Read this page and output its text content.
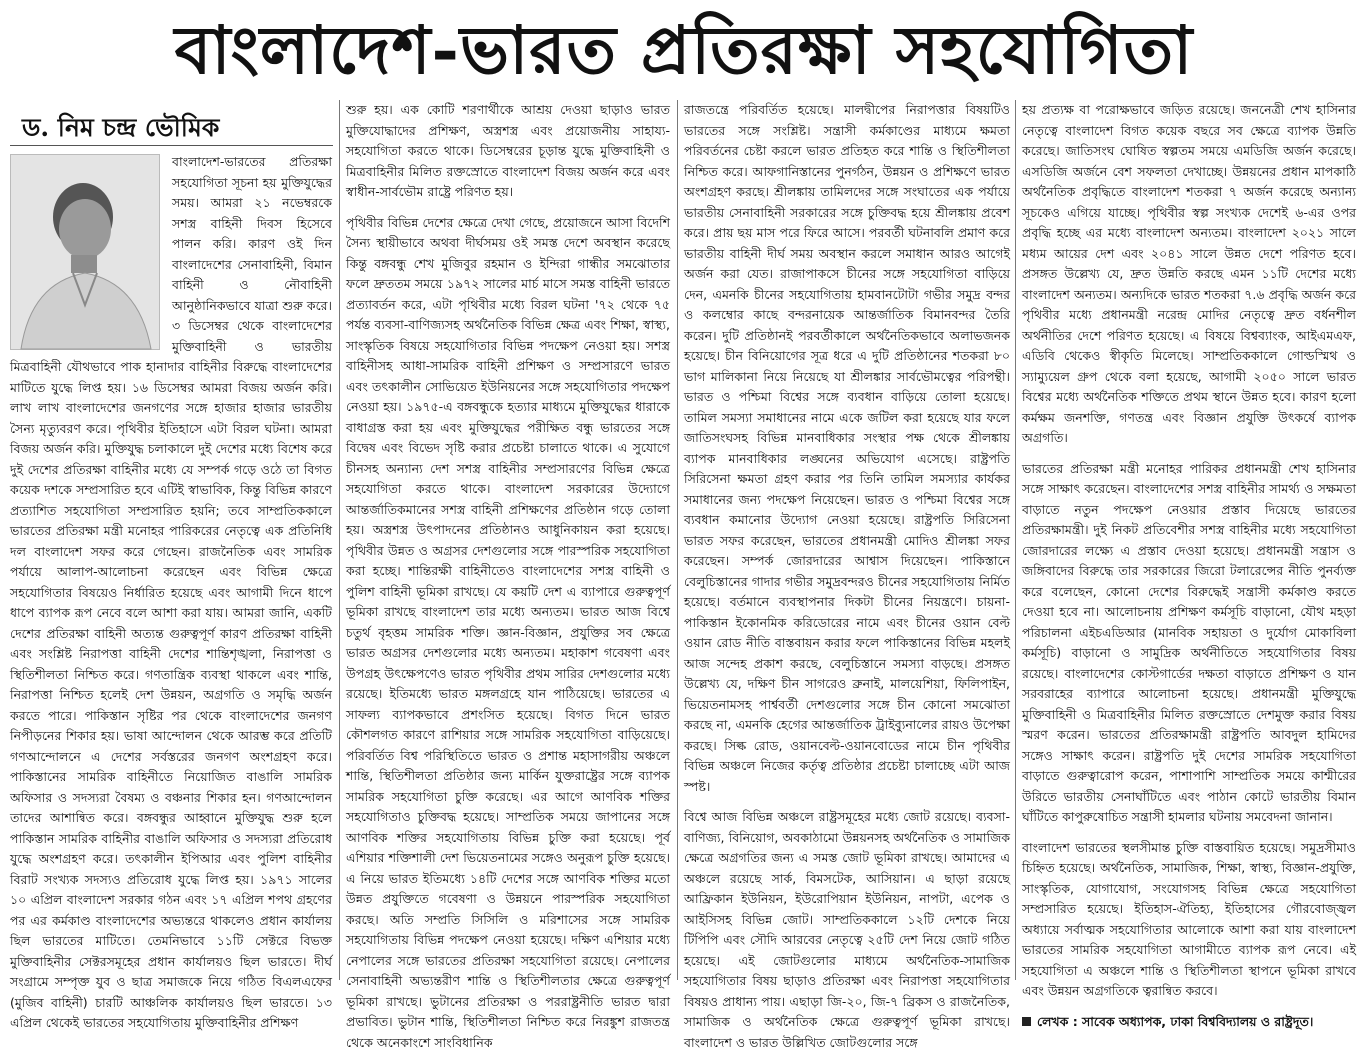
বাংলাদেশ-ভারত প্রতিরক্ষা সহযোগিতা
ড. নিম চন্দ্র ভৌমিক

বাংলাদেশ-ভারতের প্রতিরক্ষা সহযোগিতা সূচনা হয় মুক্তিযুদ্ধের সময়। আমরা ২১ নভেম্বরকে সশস্ত্র বাহিনী দিবস হিসেবে পালন করি। কারণ ওই দিন বাংলাদেশের সেনাবাহিনী, বিমান বাহিনী ও নৌবাহিনী আনুষ্ঠানিকভাবে যাত্রা শুরু করে। ৩ ডিসেম্বর থেকে বাংলাদেশের মুক্তিবাহিনী ও ভারতীয় মিত্রবাহিনী যৌথভাবে পাক হানাদার বাহিনীর বিরুদ্ধে বাংলাদেশের মাটিতে যুদ্ধে লিপ্ত হয়। ১৬ ডিসেম্বর আমরা বিজয় অর্জন করি। লাখ লাখ বাংলাদেশের জনগণের সঙ্গে হাজার হাজার ভারতীয় সৈন্য মৃত্যুবরণ করে। পৃথিবীর ইতিহাসে এটা বিরল ঘটনা। আমরা বিজয় অর্জন করি। মুক্তিযুদ্ধ চলাকালে দুই দেশের মধ্যে বিশেষ করে দুই দেশের প্রতিরক্ষা বাহিনীর মধ্যে যে সম্পর্ক গড়ে ওঠে তা বিগত কয়েক দশকে সম্প্রসারিত হবে এটিই স্বাভাবিক, কিন্তু বিভিন্ন কারণে প্রত্যাশিত সহযোগিতা সম্প্রসারিত হয়নি; তবে সাম্প্রতিককালে ভারতের প্রতিরক্ষা মন্ত্রী মনোহর পারিকরের নেতৃত্বে এক প্রতিনিধি দল বাংলাদেশ সফর করে গেছেন। রাজনৈতিক এবং সামরিক পর্যায়ে আলাপ-আলোচনা করেছেন এবং বিভিন্ন ক্ষেত্রে সহযোগিতার বিষয়েও নির্ধারিত হয়েছে এবং আগামী দিনে ধাপে ধাপে ব্যাপক রূপ নেবে বলে আশা করা যায়। আমরা জানি, একটি দেশের প্রতিরক্ষা বাহিনী অত্যন্ত গুরুত্বপূর্ণ কারণ প্রতিরক্ষা বাহিনী এবং সংশ্লিষ্ট নিরাপত্তা বাহিনী দেশের শান্তিশৃঙ্খলা, নিরাপত্তা ও স্থিতিশীলতা নিশ্চিত করে। গণতান্ত্রিক ব্যবস্থা থাকলে এবং শান্তি, নিরাপত্তা নিশ্চিত হলেই দেশ উন্নয়ন, অগ্রগতি ও সমৃদ্ধি অর্জন করতে পারে। পাকিস্তান সৃষ্টির পর থেকে বাংলাদেশের জনগণ নিপীড়নের শিকার হয়। ভাষা আন্দোলন থেকে আরম্ভ করে প্রতিটি গণআন্দোলনে এ দেশের সর্বস্তরের জনগণ অংশগ্রহণ করে। পাকিস্তানের সামরিক বাহিনীতে নিয়োজিত বাঙালি সামরিক অফিসার ও সদস্যরা বৈষম্য ও বঞ্চনার শিকার হন। গণআন্দোলন তাদের আশান্বিত করে। বঙ্গবন্ধুর আহ্বানে মুক্তিযুদ্ধ শুরু হলে পাকিস্তান সামরিক বাহিনীর বাঙালি অফিসার ও সদস্যরা প্রতিরোধ যুদ্ধে অংশগ্রহণ করে। তৎকালীন ইপিআর এবং পুলিশ বাহিনীর বিরাট সংখ্যক সদস্যও প্রতিরোধ যুদ্ধে লিপ্ত হয়। ১৯৭১ সালের ১০ এপ্রিল বাংলাদেশ সরকার গঠন এবং ১৭ এপ্রিল শপথ গ্রহণের পর এর কর্মকাণ্ড বাংলাদেশের অভ্যন্তরে থাকলেও প্রধান কার্যালয় ছিল ভারতের মাটিতে। তেমনিভাবে ১১টি সেক্টরে বিভক্ত মুক্তিবাহিনীর সেক্টরসমূহের প্রধান কার্যালয়ও ছিল ভারতে। দীর্ঘ সংগ্রামে সম্পৃক্ত যুব ও ছাত্র সমাজকে নিয়ে গঠিত বিএলএফের (মুজিব বাহিনী) চারটি আঞ্চলিক কার্যালয়ও ছিল ভারতে। ১৩ এপ্রিল থেকেই ভারতের সহযোগিতায় মুক্তিবাহিনীর প্রশিক্ষণ

শুরু হয়। এক কোটি শরণার্থীকে আশ্রয় দেওয়া ছাড়াও ভারত মুক্তিযোদ্ধাদের প্রশিক্ষণ, অস্ত্রশস্ত্র এবং প্রয়োজনীয় সাহায্য-সহযোগিতা করতে থাকে। ডিসেম্বরের চূড়ান্ত যুদ্ধে মুক্তিবাহিনী ও মিত্রবাহিনীর মিলিত রক্তস্রোতে বাংলাদেশ বিজয় অর্জন করে এবং স্বাধীন-সার্বভৌম রাষ্ট্রে পরিণত হয়।

পৃথিবীর বিভিন্ন দেশের ক্ষেত্রে দেখা গেছে, প্রয়োজনে আসা বিদেশি সৈন্য স্থায়ীভাবে অথবা দীর্ঘসময় ওই সমস্ত দেশে অবস্থান করেছে কিন্তু বঙ্গবন্ধু শেখ মুজিবুর রহমান ও ইন্দিরা গান্ধীর সমঝোতার ফলে দ্রুততম সময়ে ১৯৭২ সালের মার্চ মাসে সমস্ত বাহিনী ভারতে প্রত্যাবর্তন করে, এটা পৃথিবীর মধ্যে বিরল ঘটনা '৭২ থেকে ৭৫ পর্যন্ত ব্যবসা-বাণিজ্যসহ অর্থনৈতিক বিভিন্ন ক্ষেত্র এবং শিক্ষা, স্বাস্থ্য, সাংস্কৃতিক বিষয়ে সহযোগিতার বিভিন্ন পদক্ষেপ নেওয়া হয়। সশস্ত্র বাহিনীসহ আধা-সামরিক বাহিনী প্রশিক্ষণ ও সম্প্রসারণে ভারত এবং তৎকালীন সোভিয়েত ইউনিয়নের সঙ্গে সহযোগিতার পদক্ষেপ নেওয়া হয়। ১৯৭৫-এ বঙ্গবন্ধুকে হত্যার মাধ্যমে মুক্তিযুদ্ধের ধারাকে বাধাগ্রস্ত করা হয় এবং মুক্তিযুদ্ধের পরীক্ষিত বন্ধু ভারতের সঙ্গে বিদ্বেষ এবং বিভেদ সৃষ্টি করার প্রচেষ্টা চালাতে থাকে। এ সুযোগে চীনসহ অন্যান্য দেশ সশস্ত্র বাহিনীর সম্প্রসারণের বিভিন্ন ক্ষেত্রে সহযোগিতা করতে থাকে। বাংলাদেশ সরকারের উদ্যোগে আন্তর্জাতিকমানের সশস্ত্র বাহিনী প্রশিক্ষণের প্রতিষ্ঠান গড়ে তোলা হয়। অস্ত্রশস্ত্র উৎপাদনের প্রতিষ্ঠানও আধুনিকায়ন করা হয়েছে। পৃথিবীর উন্নত ও অগ্রসর দেশগুলোর সঙ্গে পারস্পরিক সহযোগিতা করা হচ্ছে। শান্তিরক্ষী বাহিনীতেও বাংলাদেশের সশস্ত্র বাহিনী ও পুলিশ বাহিনী ভূমিকা রাখছে। যে কয়টি দেশ এ ব্যাপারে গুরুত্বপূর্ণ ভূমিকা রাখছে বাংলাদেশ তার মধ্যে অন্যতম। ভারত আজ বিশ্বে চতুর্থ বৃহত্তম সামরিক শক্তি। জ্ঞান-বিজ্ঞান, প্রযুক্তির সব ক্ষেত্রে ভারত অগ্রসর দেশগুলোর মধ্যে অন্যতম। মহাকাশ গবেষণা এবং উপগ্রহ উৎক্ষেপণেও ভারত পৃথিবীর প্রথম সারির দেশগুলোর মধ্যে রয়েছে। ইতিমধ্যে ভারত মঙ্গলগ্রহে যান পাঠিয়েছে। ভারতের এ সাফল্য ব্যাপকভাবে প্রশংসিত হয়েছে। বিগত দিনে ভারত কৌশলগত কারণে রাশিয়ার সঙ্গে সামরিক সহযোগিতা বাড়িয়েছে। পরিবর্তিত বিশ্ব পরিস্থিতিতে ভারত ও প্রশান্ত মহাসাগরীয় অঞ্চলে শান্তি, স্থিতিশীলতা প্রতিষ্ঠার জন্য মার্কিন যুক্তরাষ্ট্রের সঙ্গে ব্যাপক সামরিক সহযোগিতা চুক্তি করেছে। এর আগে আণবিক শক্তির সহযোগিতাও চুক্তিবদ্ধ হয়েছে। সাম্প্রতিক সময়ে জাপানের সঙ্গে আণবিক শক্তির সহযোগিতায় বিভিন্ন চুক্তি করা হয়েছে। পূর্ব এশিয়ার শক্তিশালী দেশ ভিয়েতনামের সঙ্গেও অনুরূপ চুক্তি হয়েছে। এ নিয়ে ভারত ইতিমধ্যে ১৪টি দেশের সঙ্গে আণবিক শক্তির মতো উন্নত প্রযুক্তিতে গবেষণা ও উন্নয়নে পারস্পরিক সহযোগিতা করছে। অতি সম্প্রতি সিসিলি ও মরিশাসের সঙ্গে সামরিক সহযোগিতায় বিভিন্ন পদক্ষেপ নেওয়া হয়েছে। দক্ষিণ এশিয়ার মধ্যে নেপালের সঙ্গে ভারতের প্রতিরক্ষা সহযোগিতা রয়েছে। নেপালের সেনাবাহিনী অভ্যন্তরীণ শান্তি ও স্থিতিশীলতার ক্ষেত্রে গুরুত্বপূর্ণ ভূমিকা রাখছে। ভুটানের প্রতিরক্ষা ও পররাষ্ট্রনীতি ভারত দ্বারা প্রভাবিত। ভুটান শান্তি, স্থিতিশীলতা নিশ্চিত করে নিরঙ্কুশ রাজতন্ত্র থেকে অনেকাংশে সাংবিধানিক

রাজতন্ত্রে পরিবর্তিত হয়েছে। মালদ্বীপের নিরাপত্তার বিষয়টিও ভারতের সঙ্গে সংশ্লিষ্ট। সন্ত্রাসী কর্মকাণ্ডের মাধ্যমে ক্ষমতা পরিবর্তনের চেষ্টা করলে ভারত প্রতিহত করে শান্তি ও স্থিতিশীলতা নিশ্চিত করে। আফগানিস্তানের পুনর্গঠন, উন্নয়ন ও প্রশিক্ষণে ভারত অংশগ্রহণ করছে। শ্রীলঙ্কায় তামিলদের সঙ্গে সংঘাতের এক পর্যায়ে ভারতীয় সেনাবাহিনী সরকারের সঙ্গে চুক্তিবদ্ধ হয়ে শ্রীলঙ্কায় প্রবেশ করে। প্রায় ছয় মাস পরে ফিরে আসে। পরবর্তী ঘটনাবলি প্রমাণ করে ভারতীয় বাহিনী দীর্ঘ সময় অবস্থান করলে সমাধান আরও আগেই অর্জন করা যেত। রাজাপাকসে চীনের সঙ্গে সহযোগিতা বাড়িয়ে দেন, এমনকি চীনের সহযোগিতায় হামবানটোটা গভীর সমুদ্র বন্দর ও কলম্বোর কাছে বন্দরনায়েক আন্তর্জাতিক বিমানবন্দর তৈরি করেন। দুটি প্রতিষ্ঠানই পরবর্তীকালে অর্থনৈতিকভাবে অলাভজনক হয়েছে। চীন বিনিয়োগের সূত্র ধরে এ দুটি প্রতিষ্ঠানের শতকরা ৮০ ভাগ মালিকানা নিয়ে নিয়েছে যা শ্রীলঙ্কার সার্বভৌমত্বের পরিপন্থী। ভারত ও পশ্চিমা বিশ্বের সঙ্গে ব্যবধান বাড়িয়ে তোলা হয়েছে। তামিল সমস্যা সমাধানের নামে একে জটিল করা হয়েছে যার ফলে জাতিসংঘসহ বিভিন্ন মানবাধিকার সংস্থার পক্ষ থেকে শ্রীলঙ্কায় ব্যাপক মানবাধিকার লঙ্ঘনের অভিযোগ এসেছে। রাষ্ট্রপতি সিরিসেনা ক্ষমতা গ্রহণ করার পর তিনি তামিল সমস্যার কার্যকর সমাধানের জন্য পদক্ষেপ নিয়েছেন। ভারত ও পশ্চিমা বিশ্বের সঙ্গে ব্যবধান কমানোর উদ্যোগ নেওয়া হয়েছে। রাষ্ট্রপতি সিরিসেনা ভারত সফর করেছেন, ভারতের প্রধানমন্ত্রী মোদিও শ্রীলঙ্কা সফর করেছেন। সম্পর্ক জোরদারের আশ্বাস দিয়েছেন। পাকিস্তানে বেলুচিস্তানের গাদার গভীর সমুদ্রবন্দরও চীনের সহযোগিতায় নির্মিত হয়েছে। বর্তমানে ব্যবস্থাপনার দিকটা চীনের নিয়ন্ত্রণে। চায়না-পাকিস্তান ইকোনমিক করিডোরের নামে এবং চীনের ওয়ান বেল্ট ওয়ান রোড নীতি বাস্তবায়ন করার ফলে পাকিস্তানের বিভিন্ন মহলই আজ সন্দেহ প্রকাশ করছে, বেলুচিস্তানে সমস্যা বাড়ছে। প্রসঙ্গত উল্লেখ্য যে, দক্ষিণ চীন সাগরেও ব্রুনাই, মালয়েশিয়া, ফিলিপাইন, ভিয়েতনামসহ পার্শ্ববর্তী দেশগুলোর সঙ্গে চীন কোনো সমঝোতা করছে না, এমনকি হেগের আন্তর্জাতিক ট্রাইব্যুনালের রায়ও উপেক্ষা করছে। সিল্ক রোড, ওয়ানবেল্ট-ওয়ানবোডের নামে চীন পৃথিবীর বিভিন্ন অঞ্চলে নিজের কর্তৃত্ব প্রতিষ্ঠার প্রচেষ্টা চালাচ্ছে এটা আজ স্পষ্ট।

বিশ্বে আজ বিভিন্ন অঞ্চলে রাষ্ট্রসমূহের মধ্যে জোট রয়েছে। ব্যবসা-বাণিজ্য, বিনিয়োগ, অবকাঠামো উন্নয়নসহ অর্থনৈতিক ও সামাজিক ক্ষেত্রে অগ্রগতির জন্য এ সমস্ত জোট ভূমিকা রাখছে। আমাদের এ অঞ্চলে রয়েছে সার্ক, বিমসটেক, আসিয়ান। এ ছাড়া রয়েছে আফ্রিকান ইউনিয়ন, ইউরোপিয়ান ইউনিয়ন, নাপটা, এপেক ও আইসিসহ বিভিন্ন জোট। সাম্প্রতিককালে ১২টি দেশকে নিয়ে টিপিপি এবং সৌদি আরবের নেতৃত্বে ২৫টি দেশ নিয়ে জোট গঠিত হয়েছে। এই জোটগুলোর মাধ্যমে অর্থনৈতিক-সামাজিক সহযোগিতার বিষয় ছাড়াও প্রতিরক্ষা এবং নিরাপত্তা সহযোগিতার বিষয়ও প্রাধান্য পায়। এছাড়া জি-২০, জি-৭ ব্রিকস ও রাজনৈতিক, সামাজিক ও অর্থনৈতিক ক্ষেত্রে গুরুত্বপূর্ণ ভূমিকা রাখছে। বাংলাদেশ ও ভারত উল্লিখিত জোটগুলোর সঙ্গে

হয় প্রত্যক্ষ বা পরোক্ষভাবে জড়িত রয়েছে। জননেত্রী শেখ হাসিনার নেতৃত্বে বাংলাদেশ বিগত কয়েক বছরে সব ক্ষেত্রে ব্যাপক উন্নতি করেছে। জাতিসংঘ ঘোষিত স্বল্পতম সময়ে এমডিজি অর্জন করেছে। এসডিজি অর্জনে বেশ সফলতা দেখাচ্ছে। উন্নয়নের প্রধান মাপকাঠি অর্থনৈতিক প্রবৃদ্ধিতে বাংলাদেশ শতকরা ৭ অর্জন করেছে অন্যান্য সূচকেও এগিয়ে যাচ্ছে। পৃথিবীর স্বল্প সংখ্যক দেশেই ৬-এর ওপর প্রবৃদ্ধি হচ্ছে এর মধ্যে বাংলাদেশ অন্যতম। বাংলাদেশ ২০২১ সালে মধ্যম আয়ের দেশ এবং ২০৪১ সালে উন্নত দেশে পরিণত হবে। প্রসঙ্গত উল্লেখ্য যে, দ্রুত উন্নতি করছে এমন ১১টি দেশের মধ্যে বাংলাদেশ অন্যতম। অন্যদিকে ভারত শতকরা ৭.৬ প্রবৃদ্ধি অর্জন করে পৃথিবীর মধ্যে প্রধানমন্ত্রী নরেন্দ্র মোদির নেতৃত্বে দ্রুত বর্ধনশীল অর্থনীতির দেশে পরিণত হয়েছে। এ বিষয়ে বিশ্বব্যাংক, আইএমএফ, এডিবি থেকেও স্বীকৃতি মিলেছে। সাম্প্রতিককালে গোল্ডস্মিথ ও স্যাম্যুয়েল গ্রুপ থেকে বলা হয়েছে, আগামী ২০৫০ সালে ভারত বিশ্বের মধ্যে অর্থনৈতিক শক্তিতে প্রথম স্থানে উন্নত হবে। কারণ হলো কর্মক্ষম জনশক্তি, গণতন্ত্র এবং বিজ্ঞান প্রযুক্তি উৎকর্ষে ব্যাপক অগ্রগতি।

ভারতের প্রতিরক্ষা মন্ত্রী মনোহর পারিকর প্রধানমন্ত্রী শেখ হাসিনার সঙ্গে সাক্ষাৎ করেছেন। বাংলাদেশের সশস্ত্র বাহিনীর সামর্থ্য ও সক্ষমতা বাড়াতে নতুন পদক্ষেপ নেওয়ার প্রস্তাব দিয়েছে ভারতের প্রতিরক্ষামন্ত্রী। দুই নিকট প্রতিবেশীর সশস্ত্র বাহিনীর মধ্যে সহযোগিতা জোরদারের লক্ষ্যে এ প্রস্তাব দেওয়া হয়েছে। প্রধানমন্ত্রী সন্ত্রাস ও জঙ্গিবাদের বিরুদ্ধে তার সরকারের জিরো টলারেন্সের নীতি পুনর্ব্যক্ত করে বলেছেন, কোনো দেশের বিরুদ্ধেই সন্ত্রাসী কর্মকাণ্ড করতে দেওয়া হবে না। আলোচনায় প্রশিক্ষণ কর্মসূচি বাড়ানো, যৌথ মহড়া পরিচালনা এইচএডিআর (মানবিক সহায়তা ও দুর্যোগ মোকাবিলা কর্মসূচি) বাড়ানো ও সামুদ্রিক অর্থনীতিতে সহযোগিতার বিষয় রয়েছে। বাংলাদেশের কোস্টগার্ডের দক্ষতা বাড়াতে প্রশিক্ষণ ও যান সরবরাহের ব্যাপারে আলোচনা হয়েছে। প্রধানমন্ত্রী মুক্তিযুদ্ধে মুক্তিবাহিনী ও মিত্রবাহিনীর মিলিত রক্তস্রোতে দেশমুক্ত করার বিষয় স্মরণ করেন। ভারতের প্রতিরক্ষামন্ত্রী রাষ্ট্রপতি আবদুল হামিদের সঙ্গেও সাক্ষাৎ করেন। রাষ্ট্রপতি দুই দেশের সামরিক সহযোগিতা বাড়াতে গুরুত্বারোপ করেন, পাশাপাশি সাম্প্রতিক সময়ে কাশ্মীরের উরিতে ভারতীয় সেনাঘাঁটিতে এবং পাঠান কোটে ভারতীয় বিমান ঘাঁটিতে কাপুরুষোচিত সন্ত্রাসী হামলার ঘটনায় সমবেদনা জানান।

বাংলাদেশ ভারতের স্থলসীমান্ত চুক্তি বাস্তবায়িত হয়েছে। সমুদ্রসীমাও চিহ্নিত হয়েছে। অর্থনৈতিক, সামাজিক, শিক্ষা, স্বাস্থ্য, বিজ্ঞান-প্রযুক্তি, সাংস্কৃতিক, যোগাযোগ, সংযোগসহ বিভিন্ন ক্ষেত্রে সহযোগিতা সম্প্রসারিত হয়েছে। ইতিহাস-ঐতিহ্য, ইতিহাসের গৌরবোজ্জ্বল অধ্যায়ে সর্বাত্মক সহযোগিতার আলোকে আশা করা যায় বাংলাদেশ ভারতের সামরিক সহযোগিতা আগামীতে ব্যাপক রূপ নেবে। এই সহযোগিতা এ অঞ্চলে শান্তি ও স্থিতিশীলতা স্থাপনে ভূমিকা রাখবে এবং উন্নয়ন অগ্রগতিকে ত্বরান্বিত করবে।

লেখক : সাবেক অধ্যাপক, ঢাকা বিশ্ববিদ্যালয় ও রাষ্ট্রদূত।
